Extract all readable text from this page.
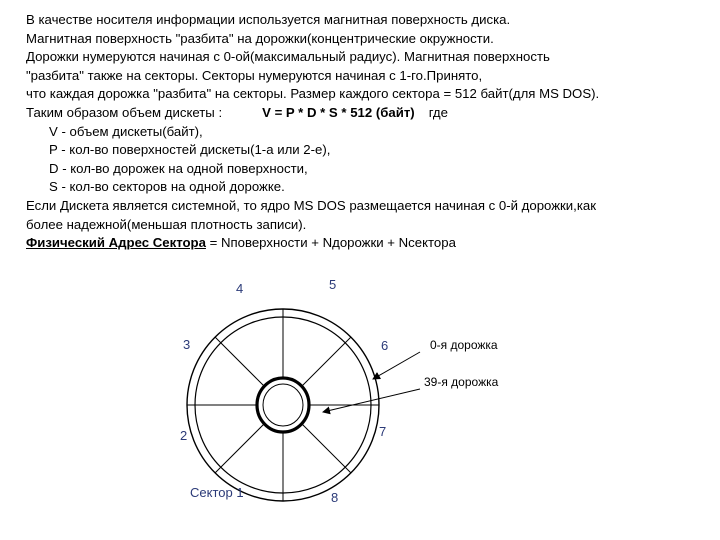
В качестве носителя информации используется магнитная поверхность диска.
Магнитная поверхность "разбита" на дорожки(концентрические окружности.
Дорожки нумеруются начиная с 0-ой(максимальный радиус). Магнитная поверхность
"разбита" также на секторы. Секторы нумеруются начиная с 1-го.Принято,
что каждая дорожка "разбита" на секторы. Размер каждого сектора = 512 байт(для MS DOS).
Таким образом объем дискеты :	V = P * D * S * 512 (байт) где
V - объем дискеты(байт),
P - кол-во поверхностей дискеты(1-а или 2-е),
D - кол-во дорожек на одной поверхности,
S - кол-во секторов на одной дорожке.
Если Дискета является системной, то ядро MS DOS размещается начиная с 0-й дорожки,как
более надежной(меньшая плотность записи).
Физический Адрес Сектора = Nповерхности + Nдорожки + Nсектора
Сектор 1
2
3
4	5
6
7
8
0-я дорожка
39-я дорожка
